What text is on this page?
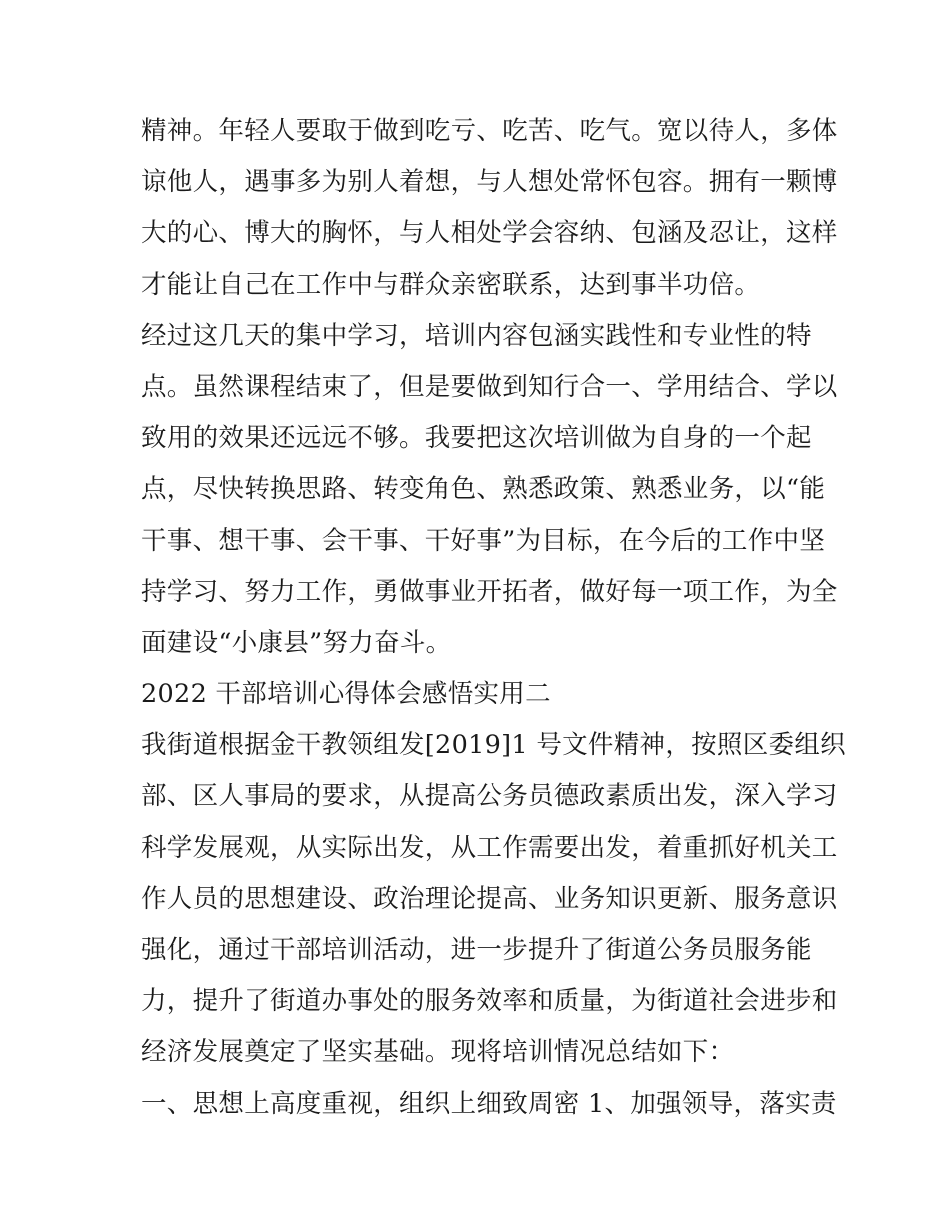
精神。年轻人要取于做到吃亏、吃苦、吃气。宽以待人，多体
谅他人，遇事多为别人着想，与人想处常怀包容。拥有一颗博
大的心、博大的胸怀，与人相处学会容纳、包涵及忍让，这样
才能让自己在工作中与群众亲密联系，达到事半功倍。
经过这几天的集中学习，培训内容包涵实践性和专业性的特
点。虽然课程结束了，但是要做到知行合一、学用结合、学以
致用的效果还远远不够。我要把这次培训做为自身的一个起
点，尽快转换思路、转变角色、熟悉政策、熟悉业务，以“能
干事、想干事、会干事、干好事”为目标，在今后的工作中坚
持学习、努力工作，勇做事业开拓者，做好每一项工作，为全
面建设“小康县”努力奋斗。
2022 干部培训心得体会感悟实用二
我街道根据金干教领组发[2019]1 号文件精神，按照区委组织
部、区人事局的要求，从提高公务员德政素质出发，深入学习
科学发展观，从实际出发，从工作需要出发，着重抓好机关工
作人员的思想建设、政治理论提高、业务知识更新、服务意识
强化，通过干部培训活动，进一步提升了街道公务员服务能
力，提升了街道办事处的服务效率和质量，为街道社会进步和
经济发展奠定了坚实基础。现将培训情况总结如下：
一、思想上高度重视，组织上细致周密 1、加强领导，落实责
